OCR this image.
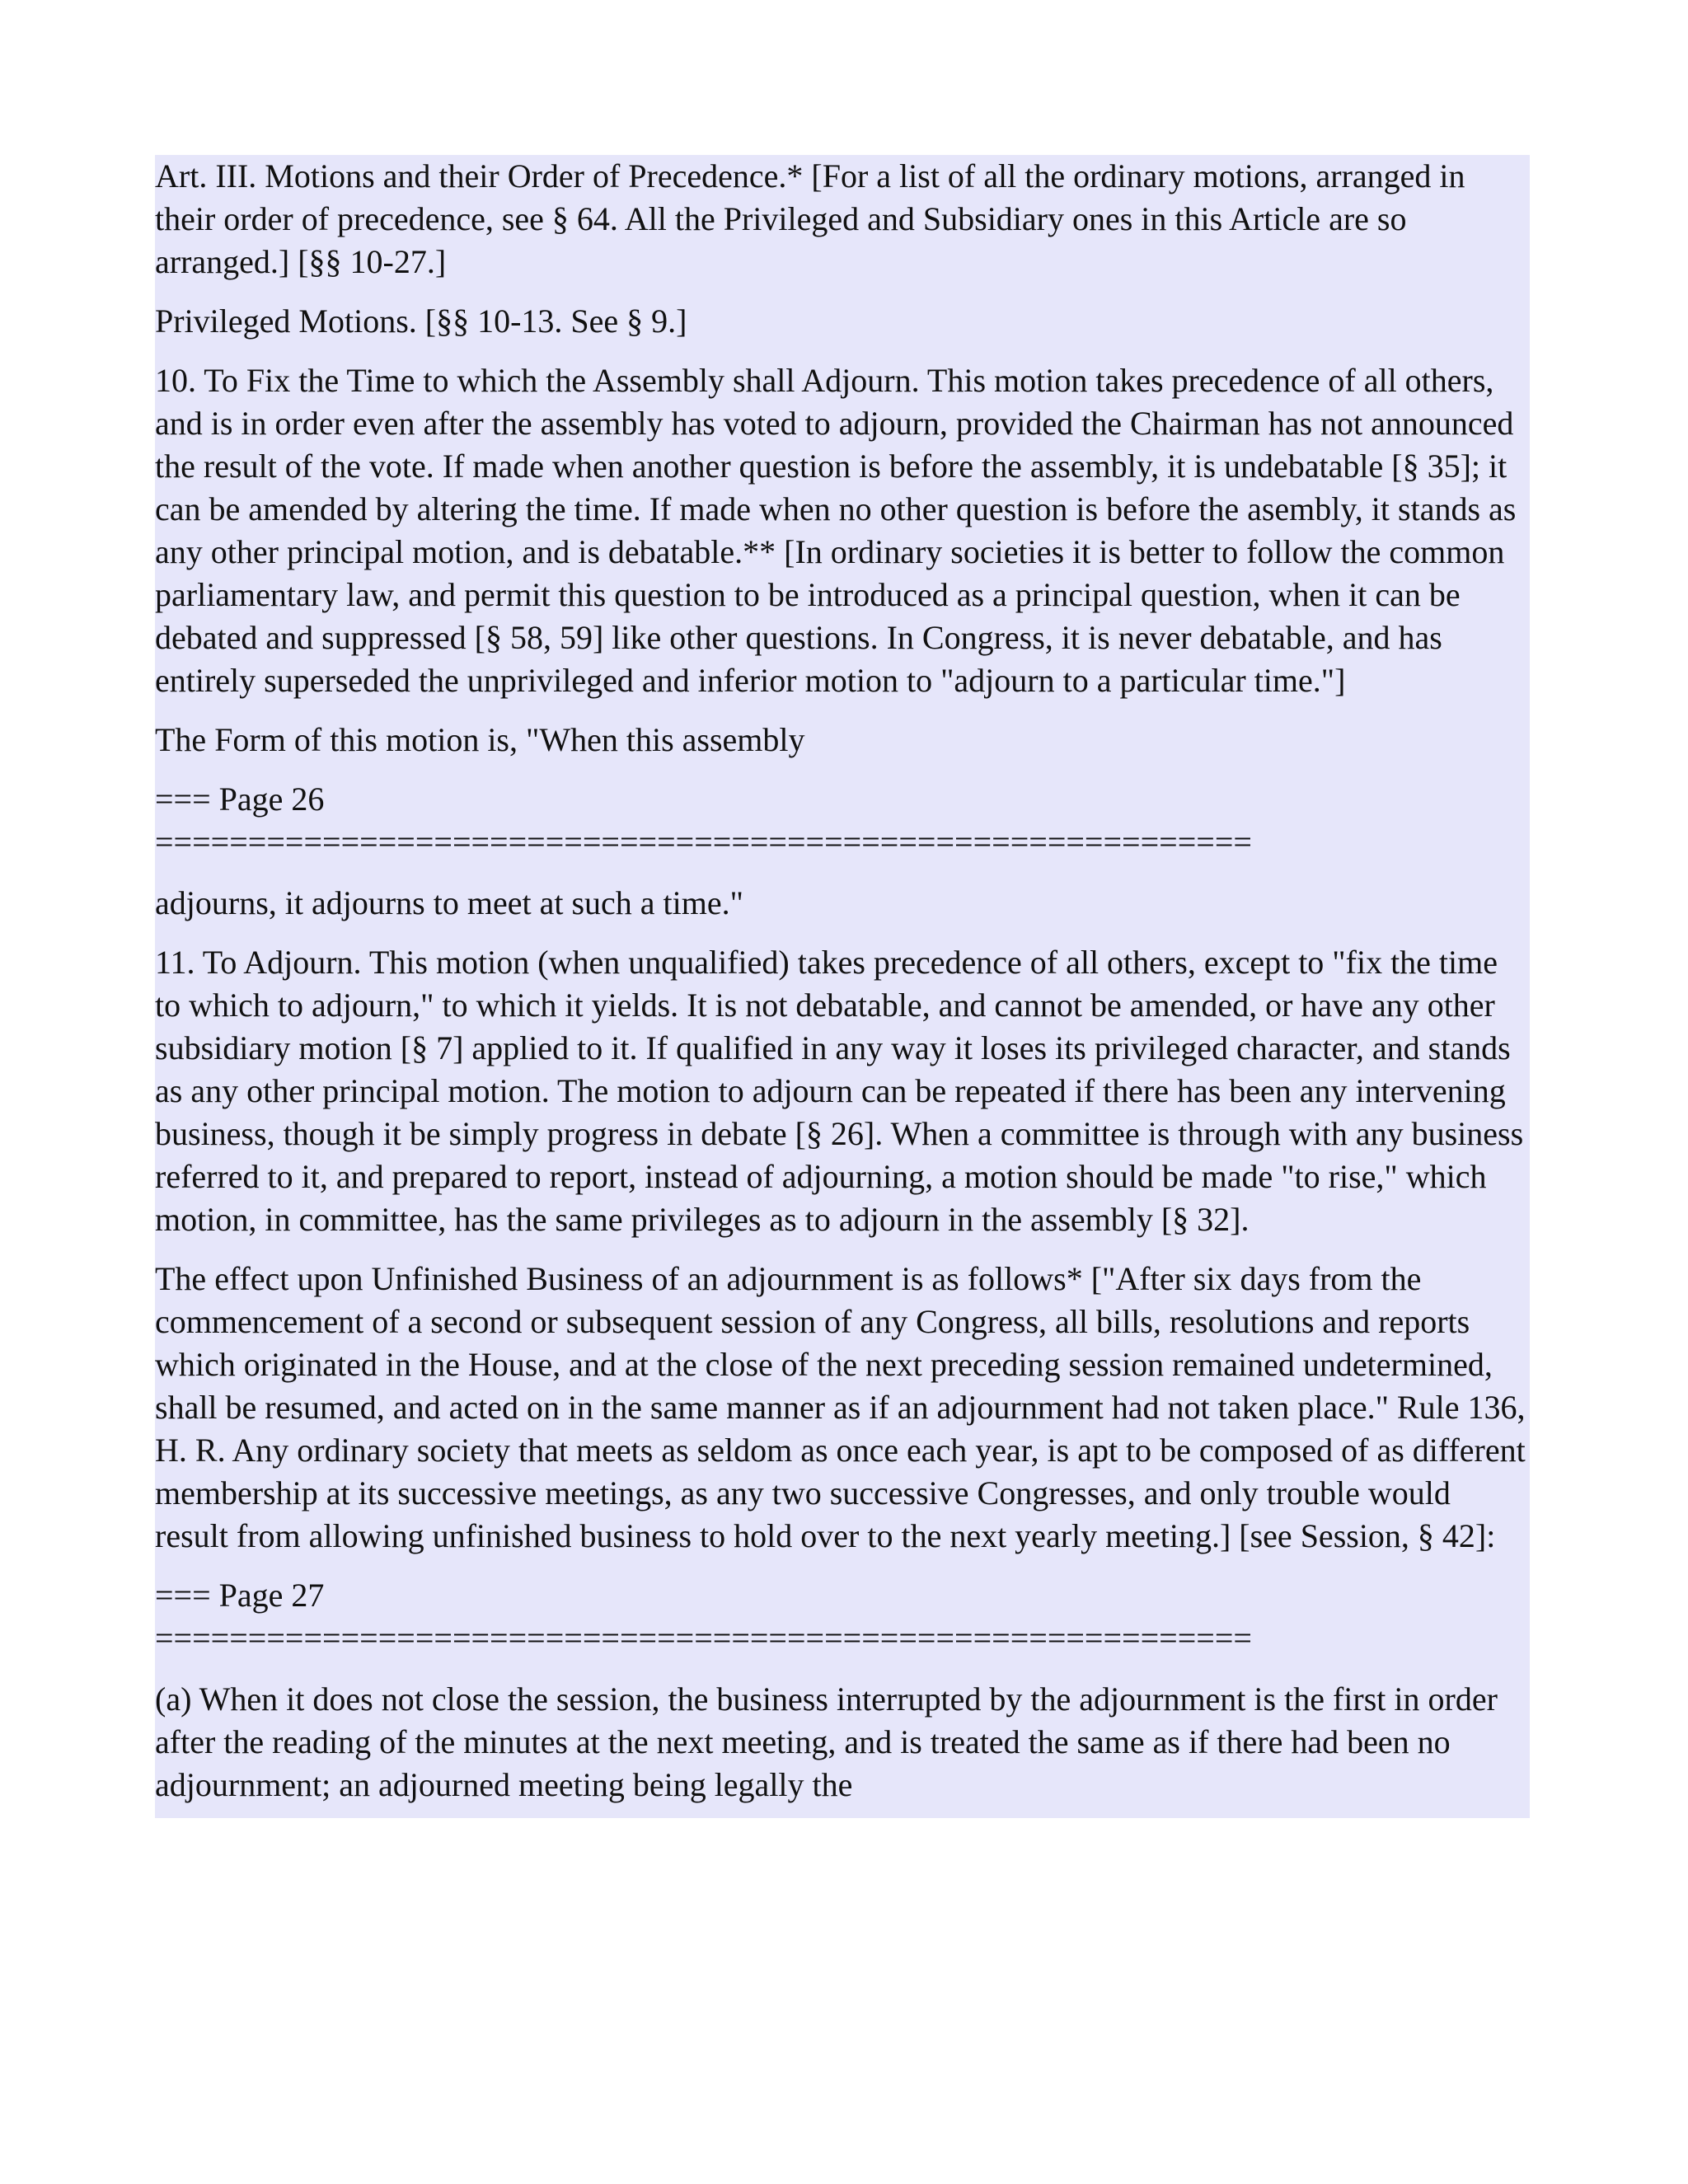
Art. III. Motions and their Order of Precedence.* [For a list of all the ordinary motions, arranged in their order of precedence, see § 64. All the Privileged and Subsidiary ones in this Article are so arranged.] [§§ 10-27.]

Privileged Motions. [§§ 10-13. See § 9.]

10. To Fix the Time to which the Assembly shall Adjourn. This motion takes precedence of all others, and is in order even after the assembly has voted to adjourn, provided the Chairman has not announced the result of the vote. If made when another question is before the assembly, it is undebatable [§ 35]; it can be amended by altering the time. If made when no other question is before the asembly, it stands as any other principal motion, and is debatable.** [In ordinary societies it is better to follow the common parliamentary law, and permit this question to be introduced as a principal question, when it can be debated and suppressed [§ 58, 59] like other questions. In Congress, it is never debatable, and has entirely superseded the unprivileged and inferior motion to "adjourn to a particular time."]

The Form of this motion is, "When this assembly

=== Page 26
===========================================================

adjourns, it adjourns to meet at such a time."

11. To Adjourn. This motion (when unqualified) takes precedence of all others, except to "fix the time to which to adjourn," to which it yields. It is not debatable, and cannot be amended, or have any other subsidiary motion [§ 7] applied to it. If qualified in any way it loses its privileged character, and stands as any other principal motion. The motion to adjourn can be repeated if there has been any intervening business, though it be simply progress in debate [§ 26]. When a committee is through with any business referred to it, and prepared to report, instead of adjourning, a motion should be made "to rise," which motion, in committee, has the same privileges as to adjourn in the assembly [§ 32].

The effect upon Unfinished Business of an adjournment is as follows* ["After six days from the commencement of a second or subsequent session of any Congress, all bills, resolutions and reports which originated in the House, and at the close of the next preceding session remained undetermined, shall be resumed, and acted on in the same manner as if an adjournment had not taken place." Rule 136, H. R. Any ordinary society that meets as seldom as once each year, is apt to be composed of as different membership at its successive meetings, as any two successive Congresses, and only trouble would result from allowing unfinished business to hold over to the next yearly meeting.] [see Session, § 42]:

=== Page 27
===========================================================

(a) When it does not close the session, the business interrupted by the adjournment is the first in order after the reading of the minutes at the next meeting, and is treated the same as if there had been no adjournment; an adjourned meeting being legally the
